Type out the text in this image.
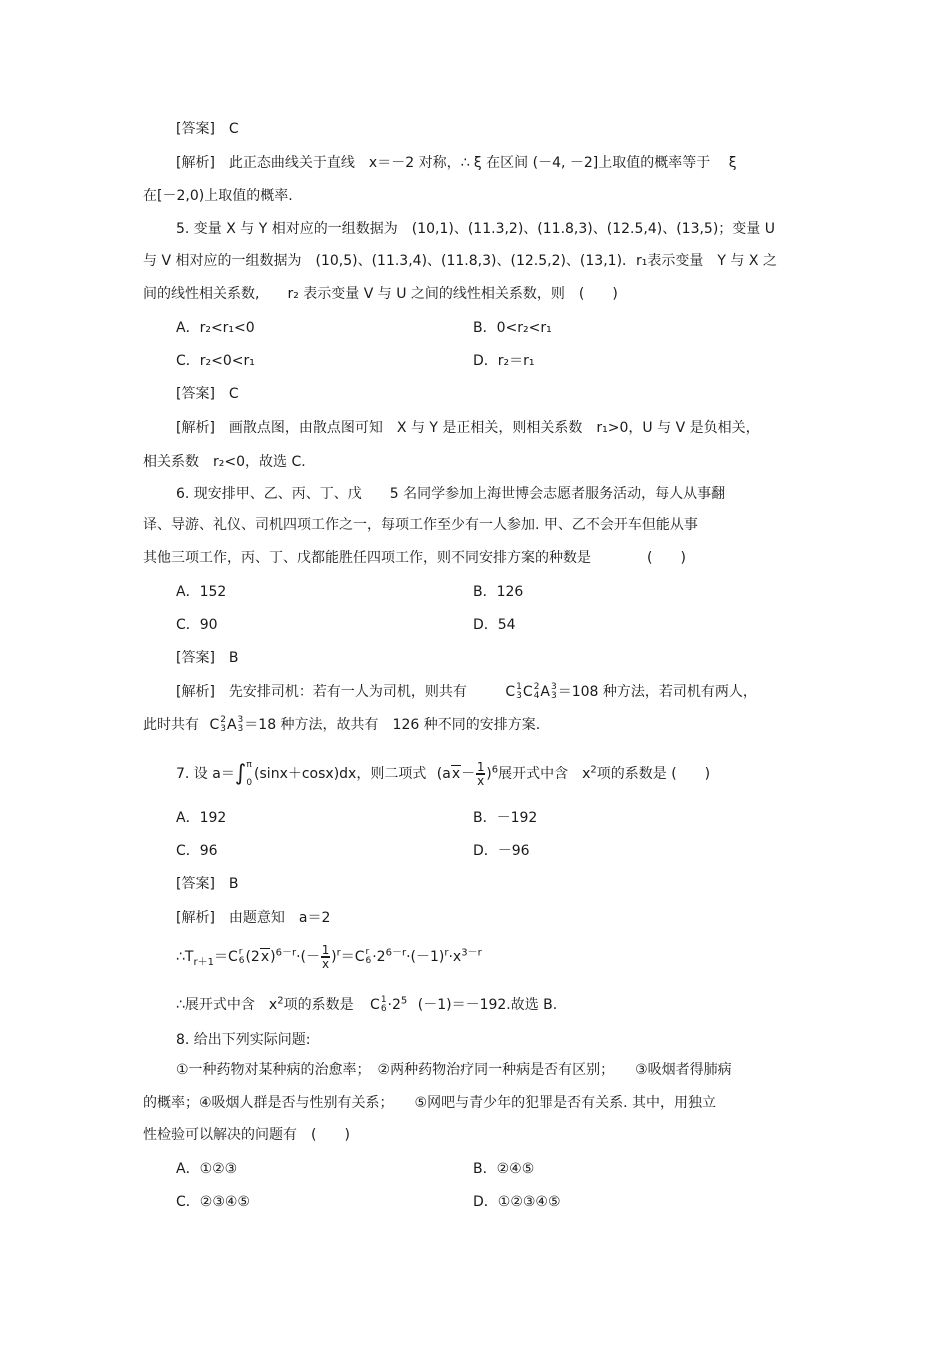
[答案]　C
[解析]　此正态曲线关于直线　x＝－2 对称，∴ ξ 在区间 (－4, －2]上取值的概率等于　 ξ
在[－2,0)上取值的概率.
5. 变量 X 与 Y 相对应的一组数据为　(10,1)、(11.3,2)、(11.8,3)、(12.5,4)、(13,5)；变量 U
与 V 相对应的一组数据为　(10,5)、(11.3,4)、(11.8,3)、(12.5,2)、(13,1)．r₁表示变量　Y 与 X 之
间的线性相关系数,　　r₂ 表示变量 V 与 U 之间的线性相关系数，则　(　　)
A．r₂<r₁<0	B．0<r₂<r₁
C．r₂<0<r₁	D．r₂＝r₁
[答案]　C
[解析]　画散点图，由散点图可知　X 与 Y 是正相关，则相关系数　r₁>0，U 与 V 是负相关，
相关系数　r₂<0，故选 C.
6. 现安排甲、乙、丙、丁、戊　　5 名同学参加上海世博会志愿者服务活动，每人从事翻
译、导游、礼仪、司机四项工作之一，每项工作至少有一人参加. 甲、乙不会开车但能从事
其他三项工作，丙、丁、戊都能胜任四项工作，则不同安排方案的种数是　　　　(　　)
A．152	B．126
C．90	D．54
[答案]　B
[解析]　先安排司机：若有一人为司机，则共有	C 1
3 C 2
4 A 3
3 ＝108 种方法，若司机有两人，
此时共有 C 2
3 A 3
3 ＝18 种方法，故共有　126 种不同的安排方案.
7. 设 a＝∫ π
0
(sinx＋cosx)dx，则二项式 $(ax- \frac{1}{x} )^6$展开式中含　$x^2$项的系数是 (　　)
A．192	B．－192
C．96	D．－96
[答案]　B
[解析]　由题意知　a＝2
$\therefore T_{r+1}=C$ r
6 $(2x)^{6-r}\cdot(- \frac{1}{x} )^r=C$ r
$6 \cdot 2^{6-r}\cdot(-1)^r\cdot x^{3-r}$
∴展开式中含　$x^2$项的系数是 C 1
$6 \cdot 2^5$ (－1)＝－192.故选 B.
8. 给出下列实际问题:
①一种药物对某种病的治愈率；　②两种药物治疗同一种病是否有区别；　　③吸烟者得肺病
的概率；④吸烟人群是否与性别有关系；　　⑤网吧与青少年的犯罪是否有关系. 其中，用独立
性检验可以解决的问题有　(　　)
A．①②③	B．②④⑤
C．②③④⑤	D．①②③④⑤
